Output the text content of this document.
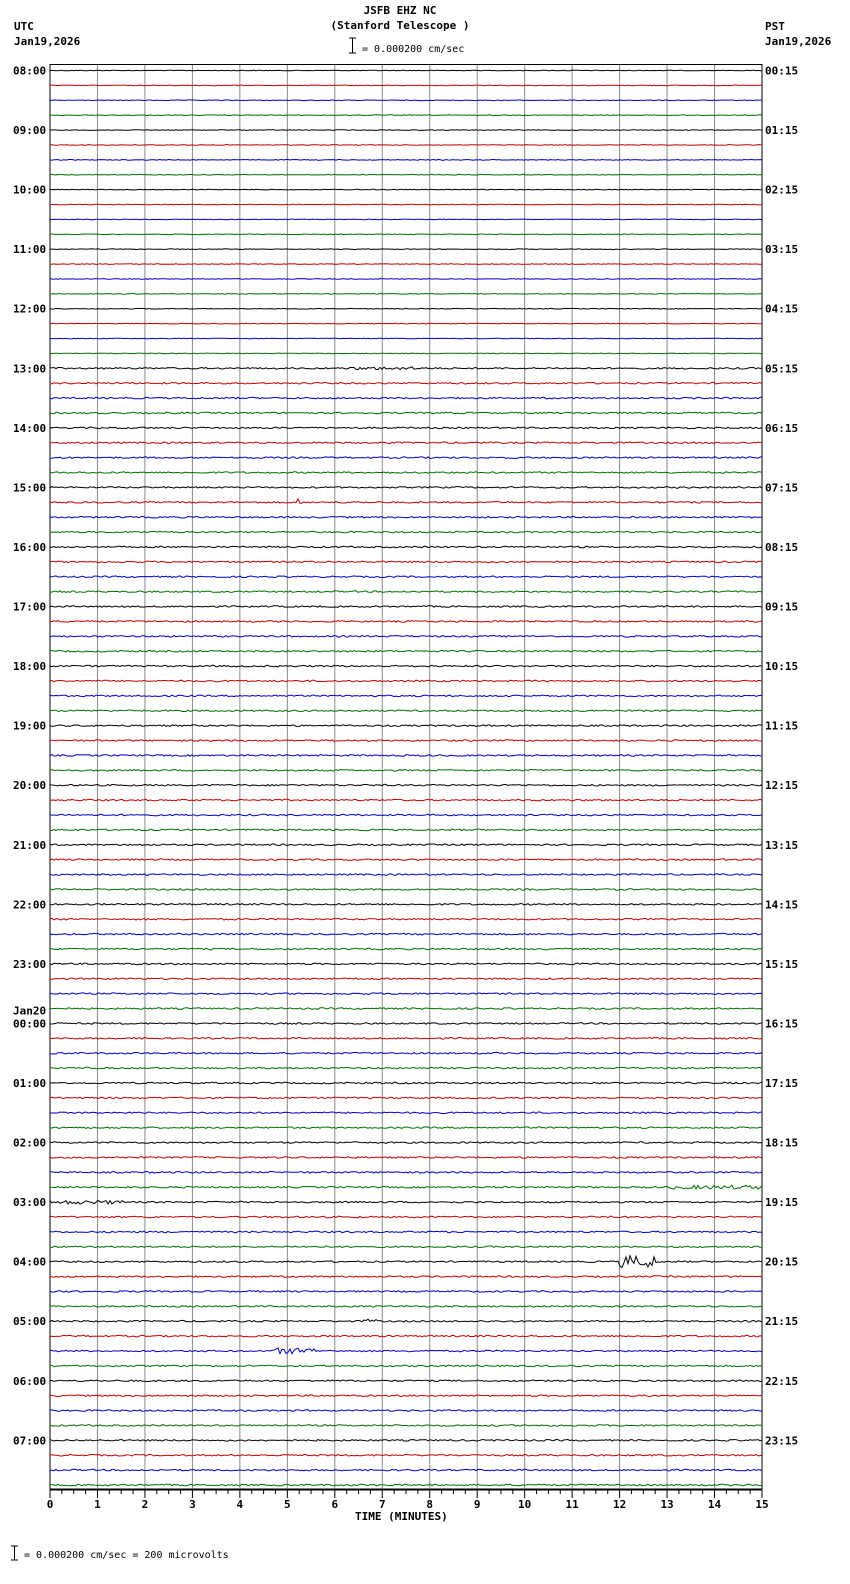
JSFB EHZ NC
(Stanford Telescope )
UTC
Jan19,2026
PST
Jan19,2026
= 0.000200 cm/sec
TIME (MINUTES)
= 0.000200 cm/sec = 200 microvolts
08:00	00:15
09:00	01:15
10:00	02:15
11:00	03:15
12:00	04:15
13:00	05:15
14:00	06:15
15:00	07:15
16:00	08:15
17:00	09:15
18:00	10:15
19:00	11:15
20:00	12:15
21:00	13:15
22:00	14:15
23:00	15:15
00:00	16:15
Jan20
01:00	17:15
02:00	18:15
03:00	19:15
04:00	20:15
05:00	21:15
06:00	22:15
07:00	23:15
0	1	2	3	4	5	6	7	8	9	10	11	12	13	14	15
